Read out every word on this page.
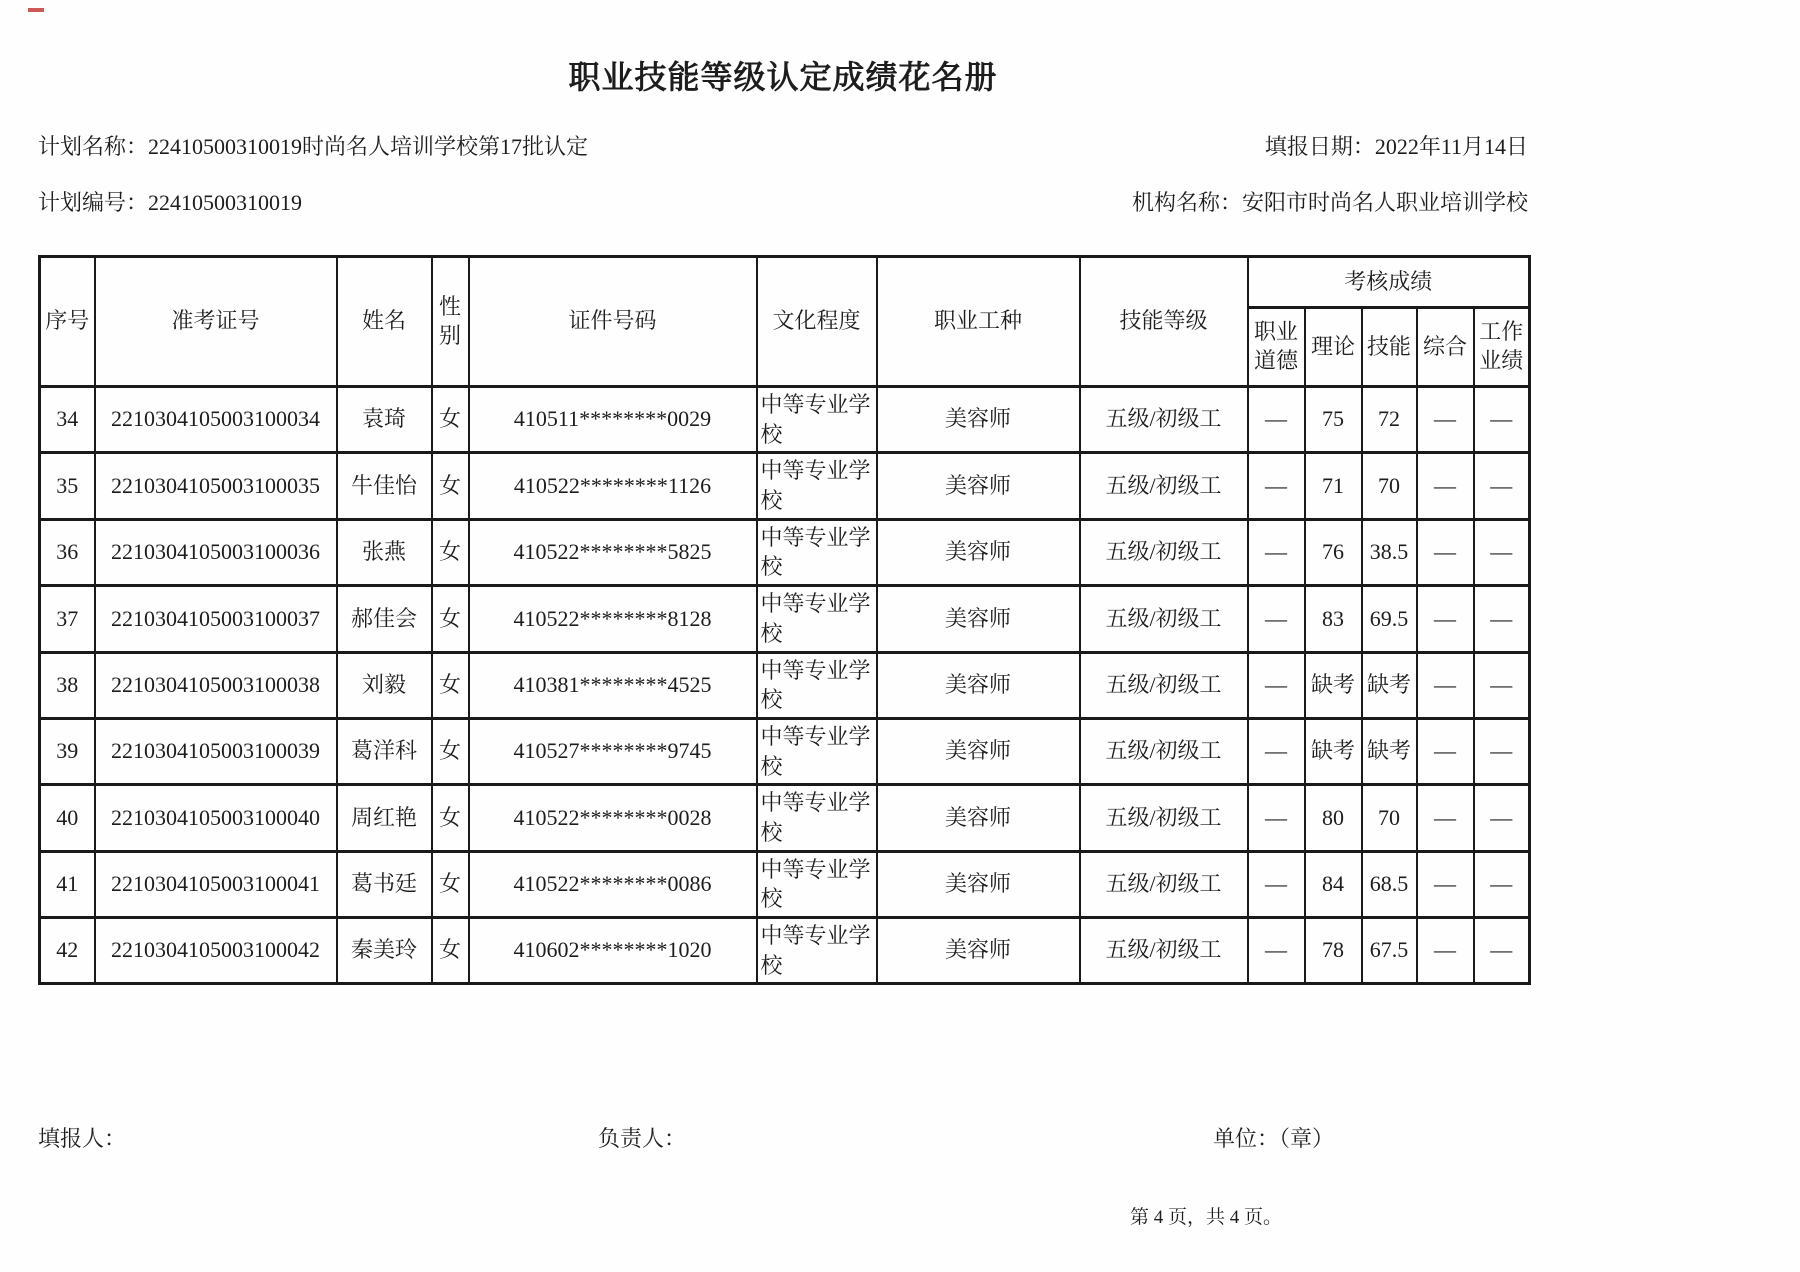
职业技能等级认定成绩花名册
计划名称：22410500310019时尚名人培训学校第17批认定	填报日期：2022年11月14日
计划编号：22410500310019	机构名称：安阳市时尚名人职业培训学校
序号	准考证号	姓名	性别	证件号码	文化程度	职业工种	技能等级	考核成绩				
								职业道德	理论	技能	综合	工作业绩
34	2210304105003100034	袁琦	女	410511********0029	中等专业学校	美容师	五级/初级工	—	75	72	—	—
35	2210304105003100035	牛佳怡	女	410522********1126	中等专业学校	美容师	五级/初级工	—	71	70	—	—
36	2210304105003100036	张燕	女	410522********5825	中等专业学校	美容师	五级/初级工	—	76	38.5	—	—
37	2210304105003100037	郝佳会	女	410522********8128	中等专业学校	美容师	五级/初级工	—	83	69.5	—	—
38	2210304105003100038	刘毅	女	410381********4525	中等专业学校	美容师	五级/初级工	—	缺考	缺考	—	—
39	2210304105003100039	葛洋科	女	410527********9745	中等专业学校	美容师	五级/初级工	—	缺考	缺考	—	—
40	2210304105003100040	周红艳	女	410522********0028	中等专业学校	美容师	五级/初级工	—	80	70	—	—
41	2210304105003100041	葛书廷	女	410522********0086	中等专业学校	美容师	五级/初级工	—	84	68.5	—	—
42	2210304105003100042	秦美玲	女	410602********1020	中等专业学校	美容师	五级/初级工	—	78	67.5	—	—
填报人：	负责人：	单位：（章）
第 4 页，共 4 页。
